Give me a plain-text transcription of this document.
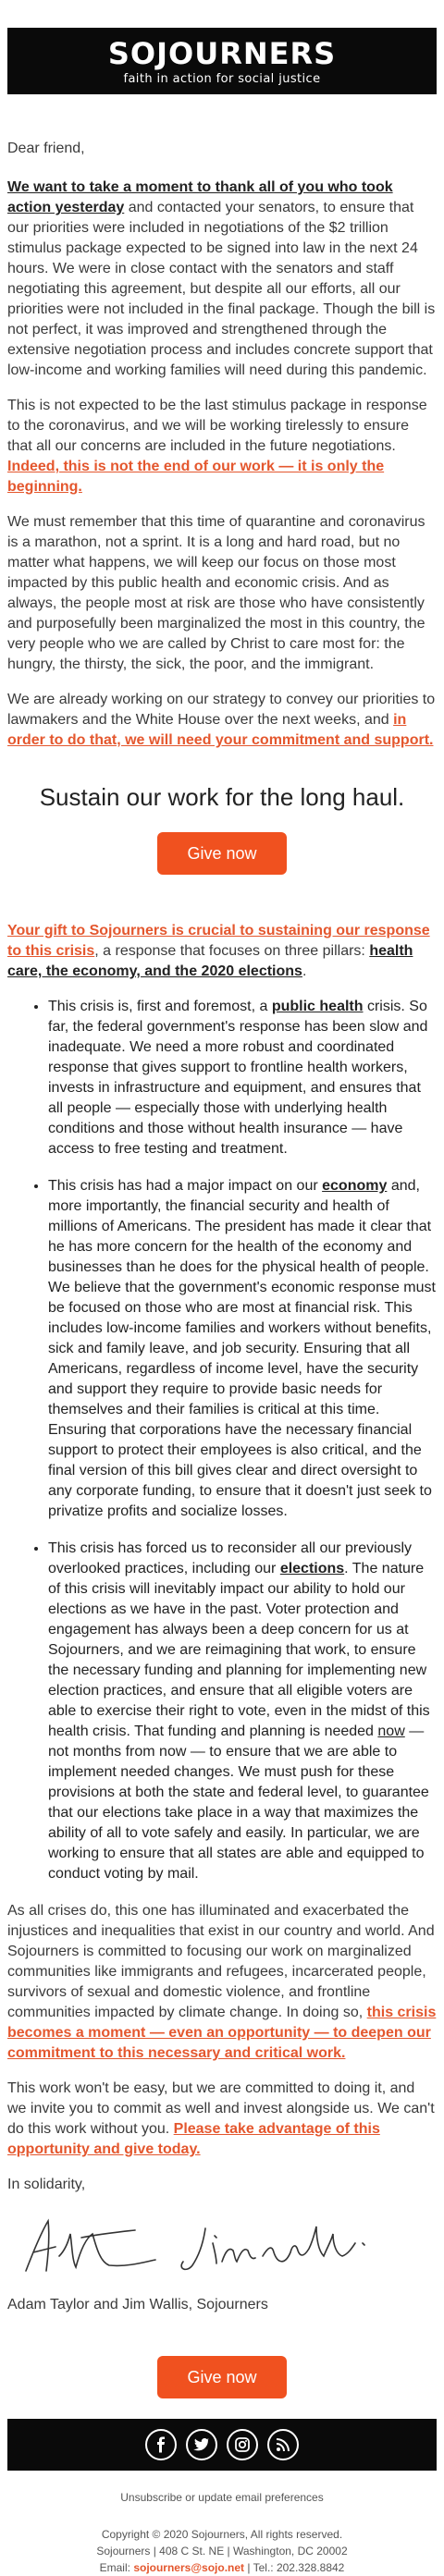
SOJOURNERS
faith in action for social justice

Dear friend,

We want to take a moment to thank all of you who took action yesterday and contacted your senators, to ensure that our priorities were included in negotiations of the $2 trillion stimulus package expected to be signed into law in the next 24 hours. We were in close contact with the senators and staff negotiating this agreement, but despite all our efforts, all our priorities were not included in the final package. Though the bill is not perfect, it was improved and strengthened through the extensive negotiation process and includes concrete support that low-income and working families will need during this pandemic.

This is not expected to be the last stimulus package in response to the coronavirus, and we will be working tirelessly to ensure that all our concerns are included in the future negotiations. Indeed, this is not the end of our work — it is only the beginning.

We must remember that this time of quarantine and coronavirus is a marathon, not a sprint. It is a long and hard road, but no matter what happens, we will keep our focus on those most impacted by this public health and economic crisis. And as always, the people most at risk are those who have consistently and purposefully been marginalized the most in this country, the very people who we are called by Christ to care most for: the hungry, the thirsty, the sick, the poor, and the immigrant.

We are already working on our strategy to convey our priorities to lawmakers and the White House over the next weeks, and in order to do that, we will need your commitment and support.

Sustain our work for the long haul.
Give now

Your gift to Sojourners is crucial to sustaining our response to this crisis, a response that focuses on three pillars: health care, the economy, and the 2020 elections.

• This crisis is, first and foremost, a public health crisis. So far, the federal government's response has been slow and inadequate. We need a more robust and coordinated response that gives support to frontline health workers, invests in infrastructure and equipment, and ensures that all people — especially those with underlying health conditions and those without health insurance — have access to free testing and treatment.
• This crisis has had a major impact on our economy and, more importantly, the financial security and health of millions of Americans. The president has made it clear that he has more concern for the health of the economy and businesses than he does for the physical health of people. We believe that the government's economic response must be focused on those who are most at financial risk. This includes low-income families and workers without benefits, sick and family leave, and job security. Ensuring that all Americans, regardless of income level, have the security and support they require to provide basic needs for themselves and their families is critical at this time. Ensuring that corporations have the necessary financial support to protect their employees is also critical, and the final version of this bill gives clear and direct oversight to any corporate funding, to ensure that it doesn't just seek to privatize profits and socialize losses.
• This crisis has forced us to reconsider all our previously overlooked practices, including our elections. The nature of this crisis will inevitably impact our ability to hold our elections as we have in the past. Voter protection and engagement has always been a deep concern for us at Sojourners, and we are reimagining that work, to ensure the necessary funding and planning for implementing new election practices, and ensure that all eligible voters are able to exercise their right to vote, even in the midst of this health crisis. That funding and planning is needed now — not months from now — to ensure that we are able to implement needed changes. We must push for these provisions at both the state and federal level, to guarantee that our elections take place in a way that maximizes the ability of all to vote safely and easily. In particular, we are working to ensure that all states are able and equipped to conduct voting by mail.

As all crises do, this one has illuminated and exacerbated the injustices and inequalities that exist in our country and world. And Sojourners is committed to focusing our work on marginalized communities like immigrants and refugees, incarcerated people, survivors of sexual and domestic violence, and frontline communities impacted by climate change. In doing so, this crisis becomes a moment — even an opportunity — to deepen our commitment to this necessary and critical work.

This work won't be easy, but we are committed to doing it, and we invite you to commit as well and invest alongside us. We can't do this work without you. Please take advantage of this opportunity and give today.

In solidarity,

Adam Taylor and Jim Wallis, Sojourners

Give now
Unsubscribe or update email preferences
Copyright © 2020 Sojourners, All rights reserved.
Sojourners | 408 C St. NE | Washington, DC 20002
Email: sojourners@sojo.net | Tel.: 202.328.8842
